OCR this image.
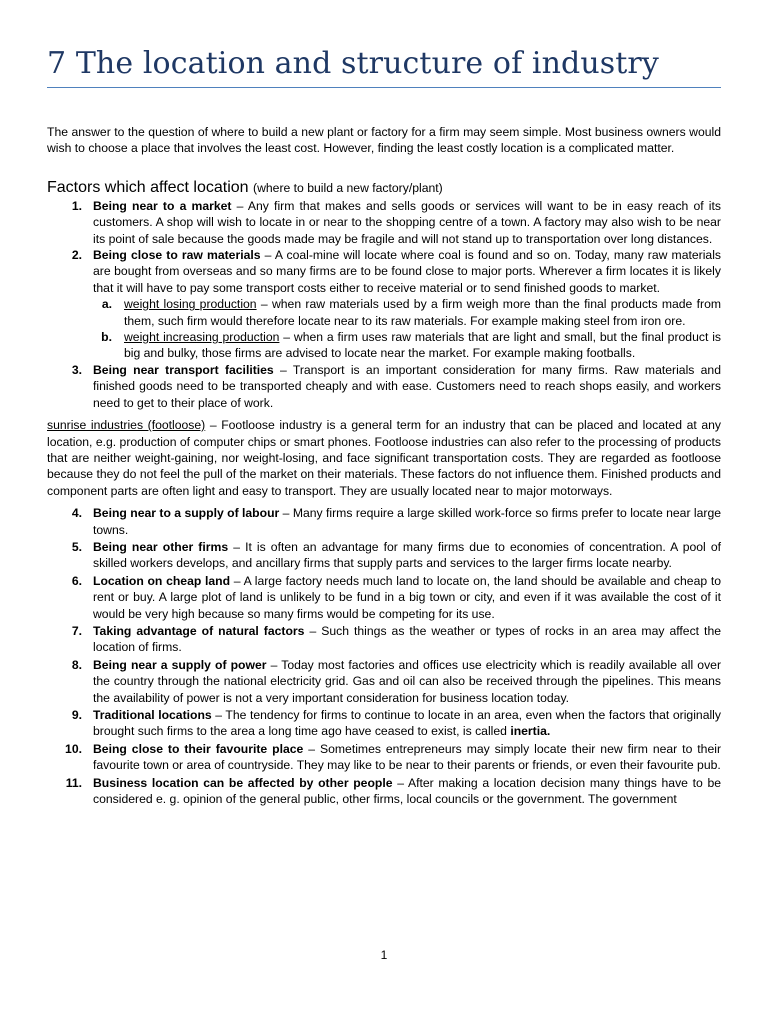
7 The location and structure of industry

The answer to the question of where to build a new plant or factory for a firm may seem simple. Most business owners would wish to choose a place that involves the least cost. However, finding the least costly location is a complicated matter.

Factors which affect location (where to build a new factory/plant)
1. Being near to a market – Any firm that makes and sells goods or services will want to be in easy reach of its customers. A shop will wish to locate in or near to the shopping centre of a town. A factory may also wish to be near its point of sale because the goods made may be fragile and will not stand up to transportation over long distances.
2. Being close to raw materials – A coal-mine will locate where coal is found and so on. Today, many raw materials are bought from overseas and so many firms are to be found close to major ports. Wherever a firm locates it is likely that it will have to pay some transport costs either to receive material or to send finished goods to market.
a. weight losing production – when raw materials used by a firm weigh more than the final products made from them, such firm would therefore locate near to its raw materials. For example making steel from iron ore.
b. weight increasing production – when a firm uses raw materials that are light and small, but the final product is big and bulky, those firms are advised to locate near the market. For example making footballs.
3. Being near transport facilities – Transport is an important consideration for many firms. Raw materials and finished goods need to be transported cheaply and with ease. Customers need to reach shops easily, and workers need to get to their place of work.

sunrise industries (footloose) – Footloose industry is a general term for an industry that can be placed and located at any location, e.g. production of computer chips or smart phones. Footloose industries can also refer to the processing of products that are neither weight-gaining, nor weight-losing, and face significant transportation costs. They are regarded as footloose because they do not feel the pull of the market on their materials. These factors do not influence them. Finished products and component parts are often light and easy to transport. They are usually located near to major motorways.

4. Being near to a supply of labour – Many firms require a large skilled work-force so firms prefer to locate near large towns.
5. Being near other firms – It is often an advantage for many firms due to economies of concentration. A pool of skilled workers develops, and ancillary firms that supply parts and services to the larger firms locate nearby.
6. Location on cheap land – A large factory needs much land to locate on, the land should be available and cheap to rent or buy. A large plot of land is unlikely to be fund in a big town or city, and even if it was available the cost of it would be very high because so many firms would be competing for its use.
7. Taking advantage of natural factors – Such things as the weather or types of rocks in an area may affect the location of firms.
8. Being near a supply of power – Today most factories and offices use electricity which is readily available all over the country through the national electricity grid. Gas and oil can also be received through the pipelines. This means the availability of power is not a very important consideration for business location today.
9. Traditional locations – The tendency for firms to continue to locate in an area, even when the factors that originally brought such firms to the area a long time ago have ceased to exist, is called inertia.
10. Being close to their favourite place – Sometimes entrepreneurs may simply locate their new firm near to their favourite town or area of countryside. They may like to be near to their parents or friends, or even their favourite pub.
11. Business location can be affected by other people – After making a location decision many things have to be considered e. g. opinion of the general public, other firms, local councils or the government. The government
1
